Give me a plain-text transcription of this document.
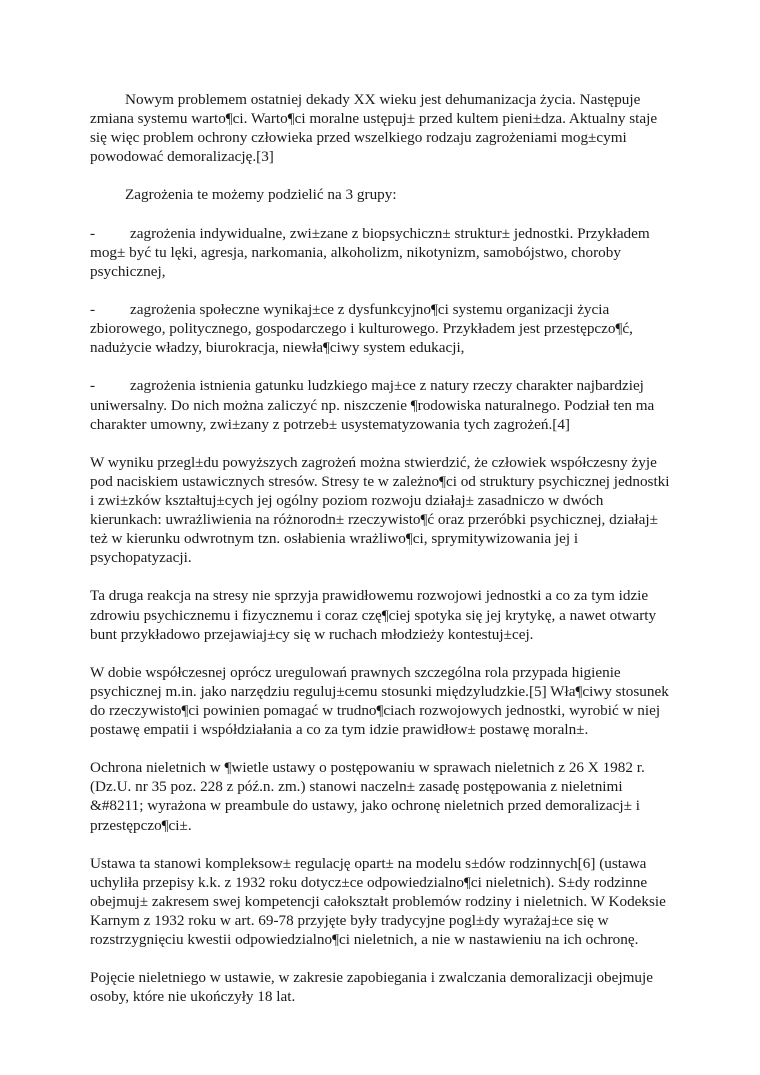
Nowym problemem ostatniej dekady XX wieku jest dehumanizacja życia. Następuje zmiana systemu warto¶ci. Warto¶ci moralne ustępuj± przed kultem pieni±dza. Aktualny staje się więc problem ochrony człowieka przed wszelkiego rodzaju zagrożeniami mog±cymi powodować demoralizację.[3]

Zagrożenia te możemy podzielić na 3 grupy:

- zagrożenia indywidualne, zwi±zane z biopsychiczn± struktur± jednostki. Przykładem mog± być tu lęki, agresja, narkomania, alkoholizm, nikotynizm, samobójstwo, choroby psychicznej,

- zagrożenia społeczne wynikaj±ce z dysfunkcyjno¶ci systemu organizacji życia zbiorowego, politycznego, gospodarczego i kulturowego. Przykładem jest przestępczo¶ć, nadużycie władzy, biurokracja, niewła¶ciwy system edukacji,

- zagrożenia istnienia gatunku ludzkiego maj±ce z natury rzeczy charakter najbardziej uniwersalny. Do nich można zaliczyć np. niszczenie ¶rodowiska naturalnego. Podział ten ma charakter umowny, zwi±zany z potrzeb± usystematyzowania tych zagrożeń.[4]

W wyniku przegl±du powyższych zagrożeń można stwierdzić, że człowiek współczesny żyje pod naciskiem ustawicznych stresów. Stresy te w zależno¶ci od struktury psychicznej jednostki i zwi±zków kształtuj±cych jej ogólny poziom rozwoju działaj± zasadniczo w dwóch kierunkach: uwrażliwienia na różnorodn± rzeczywisto¶ć oraz przeróbki psychicznej, działaj± też w kierunku odwrotnym tzn. osłabienia wrażliwo¶ci, sprymitywizowania jej i psychopatyzacji.

Ta druga reakcja na stresy nie sprzyja prawidłowemu rozwojowi jednostki a co za tym idzie zdrowiu psychicznemu i fizycznemu i coraz czę¶ciej spotyka się jej krytykę, a nawet otwarty bunt przykładowo przejawiaj±cy się w ruchach młodzieży kontestuj±cej.

W dobie współczesnej oprócz uregulowań prawnych szczególna rola przypada higienie psychicznej m.in. jako narzędziu reguluj±cemu stosunki międzyludzkie.[5] Wła¶ciwy stosunek do rzeczywisto¶ci powinien pomagać w trudno¶ciach rozwojowych jednostki, wyrobić w niej postawę empatii i współdziałania a co za tym idzie prawidłow± postawę moraln±.

Ochrona nieletnich w ¶wietle ustawy o postępowaniu w sprawach nieletnich z 26 X 1982 r. (Dz.U. nr 35 poz. 228 z póź.n. zm.) stanowi naczeln± zasadę postępowania z nieletnimi &#8211; wyrażona w preambule do ustawy, jako ochronę nieletnich przed demoralizacj± i przestępczo¶ci±.

Ustawa ta stanowi kompleksow± regulację opart± na modelu s±dów rodzinnych[6] (ustawa uchyliła przepisy k.k. z 1932 roku dotycz±ce odpowiedzialno¶ci nieletnich). S±dy rodzinne obejmuj± zakresem swej kompetencji całokształt problemów rodziny i nieletnich. W Kodeksie Karnym z 1932 roku w art. 69-78 przyjęte były tradycyjne pogl±dy wyrażaj±ce się w rozstrzygnięciu kwestii odpowiedzialno¶ci nieletnich, a nie w nastawieniu na ich ochronę.

Pojęcie nieletniego w ustawie, w zakresie zapobiegania i zwalczania demoralizacji obejmuje osoby, które nie ukończyły 18 lat.
